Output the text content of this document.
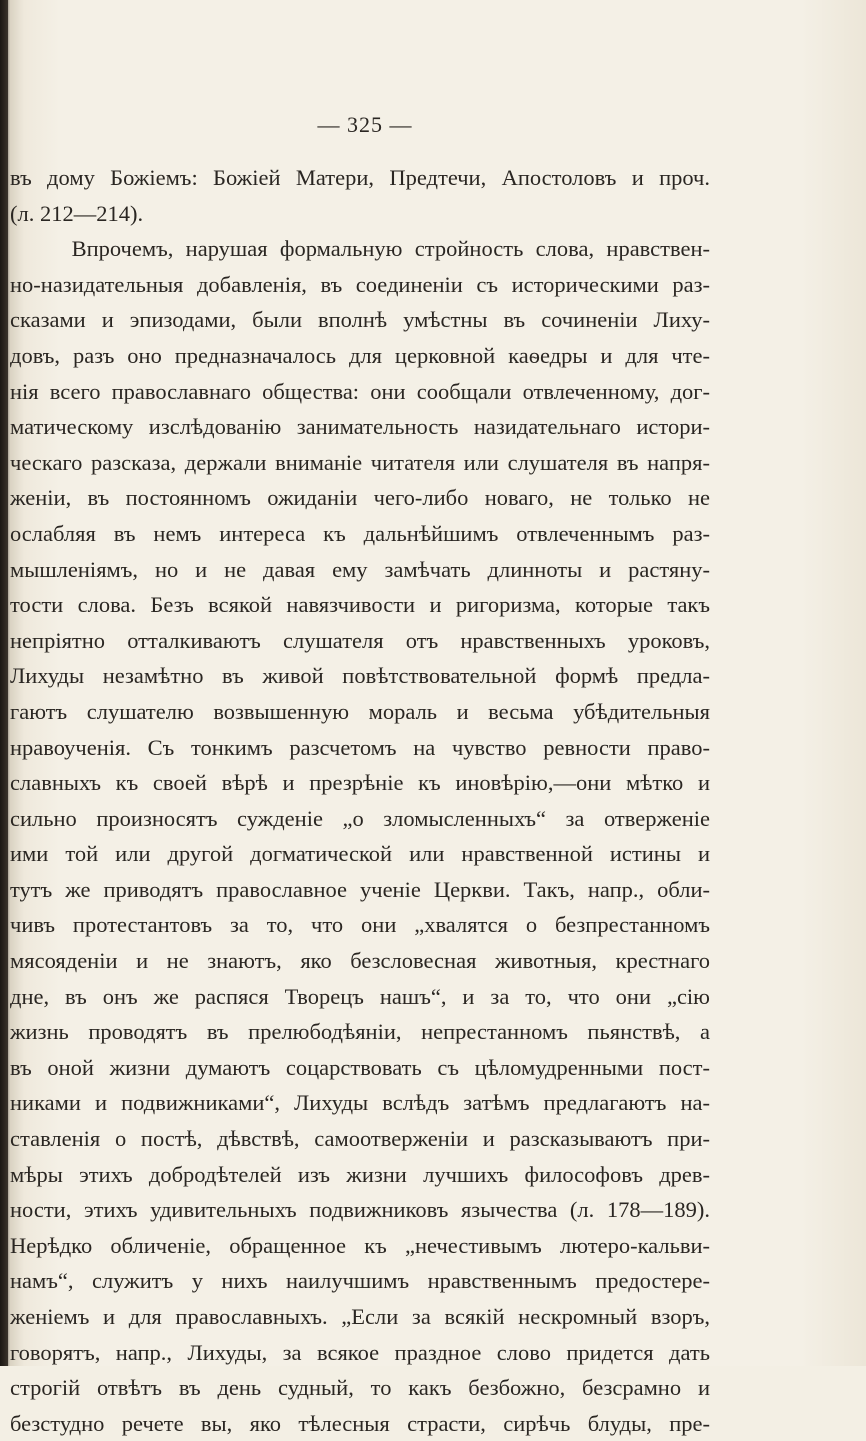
— 325 —
въ дому Божіемъ: Божіей Матери, Предтечи, Апостоловъ и проч.
(л. 212—214).
Впрочемъ, нарушая формальную стройность слова, нравствен-
но-назидательныя добавленія, въ соединеніи съ историческими раз-
сказами и эпизодами, были вполнѣ умѣстны въ сочиненіи Лиху-
довъ, разъ оно предназначалось для церковной каѳедры и для чте-
нія всего православнаго общества: они сообщали отвлеченному, дог-
матическому изслѣдованію занимательность назидательнаго истори-
ческаго разсказа, держали вниманіе читателя или слушателя въ напря-
женіи, въ постоянномъ ожиданіи чего-либо новаго, не только не
ослабляя въ немъ интереса къ дальнѣйшимъ отвлеченнымъ раз-
мышленіямъ, но и не давая ему замѣчать длинноты и растяну-
тости слова. Безъ всякой навязчивости и ригоризма, которые такъ
непріятно отталкиваютъ слушателя отъ нравственныхъ уроковъ,
Лихуды незамѣтно въ живой повѣтствовательной формѣ предла-
гаютъ слушателю возвышенную мораль и весьма убѣдительныя
нравоученія. Съ тонкимъ разсчетомъ на чувство ревности право-
славныхъ къ своей вѣрѣ и презрѣніе къ иновѣрію,—они мѣтко и
сильно произносятъ сужденіе „о зломысленныхъ“ за отверженіе
ими той или другой догматической или нравственной истины и
тутъ же приводятъ православное ученіе Церкви. Такъ, напр., обли-
чивъ протестантовъ за то, что они „хвалятся о безпрестанномъ
мясояденіи и не знаютъ, яко безсловесная животныя, крестнаго
дне, въ онъ же распяся Творецъ нашъ“, и за то, что они „сію
жизнь проводятъ въ прелюбодѣяніи, непрестанномъ пьянствѣ, а
въ оной жизни думаютъ соцарствовать съ цѣломудренными пост-
никами и подвижниками“, Лихуды вслѣдъ затѣмъ предлагаютъ на-
ставленія о постѣ, дѣвствѣ, самоотверженіи и разсказываютъ при-
мѣры этихъ добродѣтелей изъ жизни лучшихъ философовъ древ-
ности, этихъ удивительныхъ подвижниковъ язычества (л. 178—189).
Нерѣдко обличеніе, обращенное къ „нечестивымъ лютеро-кальви-
намъ“, служитъ у нихъ наилучшимъ нравственнымъ предостере-
женіемъ и для православныхъ. „Если за всякій нескромный взоръ,
говорятъ, напр., Лихуды, за всякое праздное слово придется дать
строгій отвѣтъ въ день судный, то какъ безбожно, безсрамно и
безстудно речете вы, яко тѣлесныя страсти, сирѣчь блуды, пре-
